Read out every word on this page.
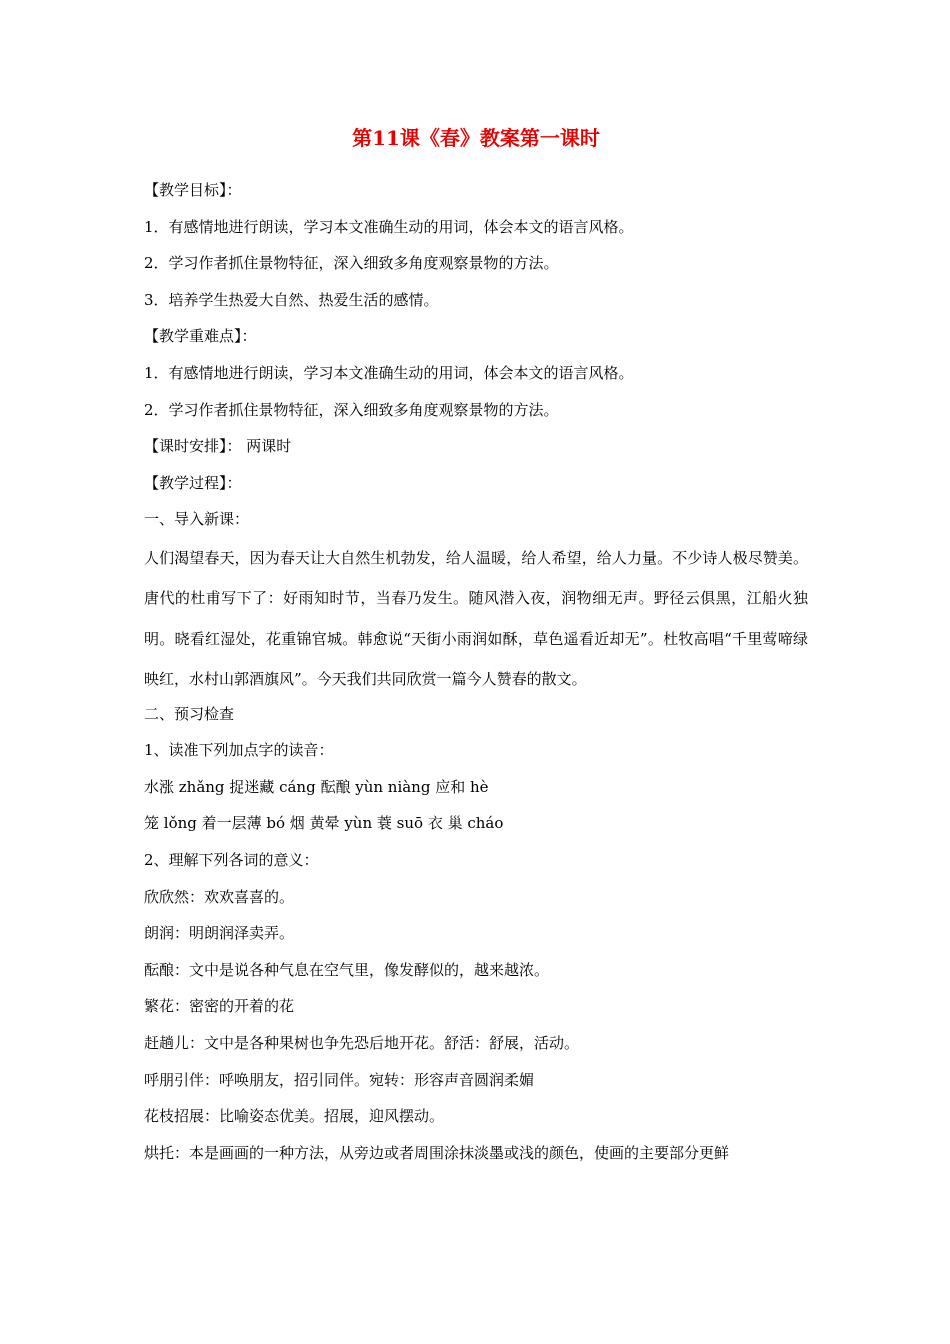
第11课《春》教案第一课时
【教学目标】：
1．有感情地进行朗读，学习本文准确生动的用词，体会本文的语言风格。
2．学习作者抓住景物特征，深入细致多角度观察景物的方法。
3．培养学生热爱大自然、热爱生活的感情。
【教学重难点】：
1．有感情地进行朗读，学习本文准确生动的用词，体会本文的语言风格。
2．学习作者抓住景物特征，深入细致多角度观察景物的方法。
【课时安排】： 两课时
【教学过程】：
一、导入新课：
人们渴望春天，因为春天让大自然生机勃发，给人温暖，给人希望，给人力量。不少诗人极尽赞美。唐代的杜甫写下了：好雨知时节，当春乃发生。随风潜入夜，润物细无声。野径云俱黑，江船火独明。晓看红湿处，花重锦官城。韩愈说“天街小雨润如酥，草色遥看近却无”。杜牧高唱“千里莺啼绿映红，水村山郭酒旗风”。今天我们共同欣赏一篇今人赞春的散文。
二、预习检查
1、读准下列加点字的读音：
水涨 zhǎng 捉迷藏 cáng 酝酿 yùn niàng 应和 hè
笼 lǒng 着一层薄 bó 烟 黄晕 yùn 蓑 suō 衣 巢 cháo
2、理解下列各词的意义：
欣欣然：欢欢喜喜的。
朗润：明朗润泽卖弄。
酝酿：文中是说各种气息在空气里，像发酵似的，越来越浓。
繁花：密密的开着的花
赶趟儿：文中是各种果树也争先恐后地开花。舒活：舒展，活动。
呼朋引伴：呼唤朋友，招引同伴。宛转：形容声音圆润柔媚
花枝招展：比喻姿态优美。招展，迎风摆动。
烘托：本是画画的一种方法，从旁边或者周围涂抹淡墨或浅的颜色，使画的主要部分更鲜
